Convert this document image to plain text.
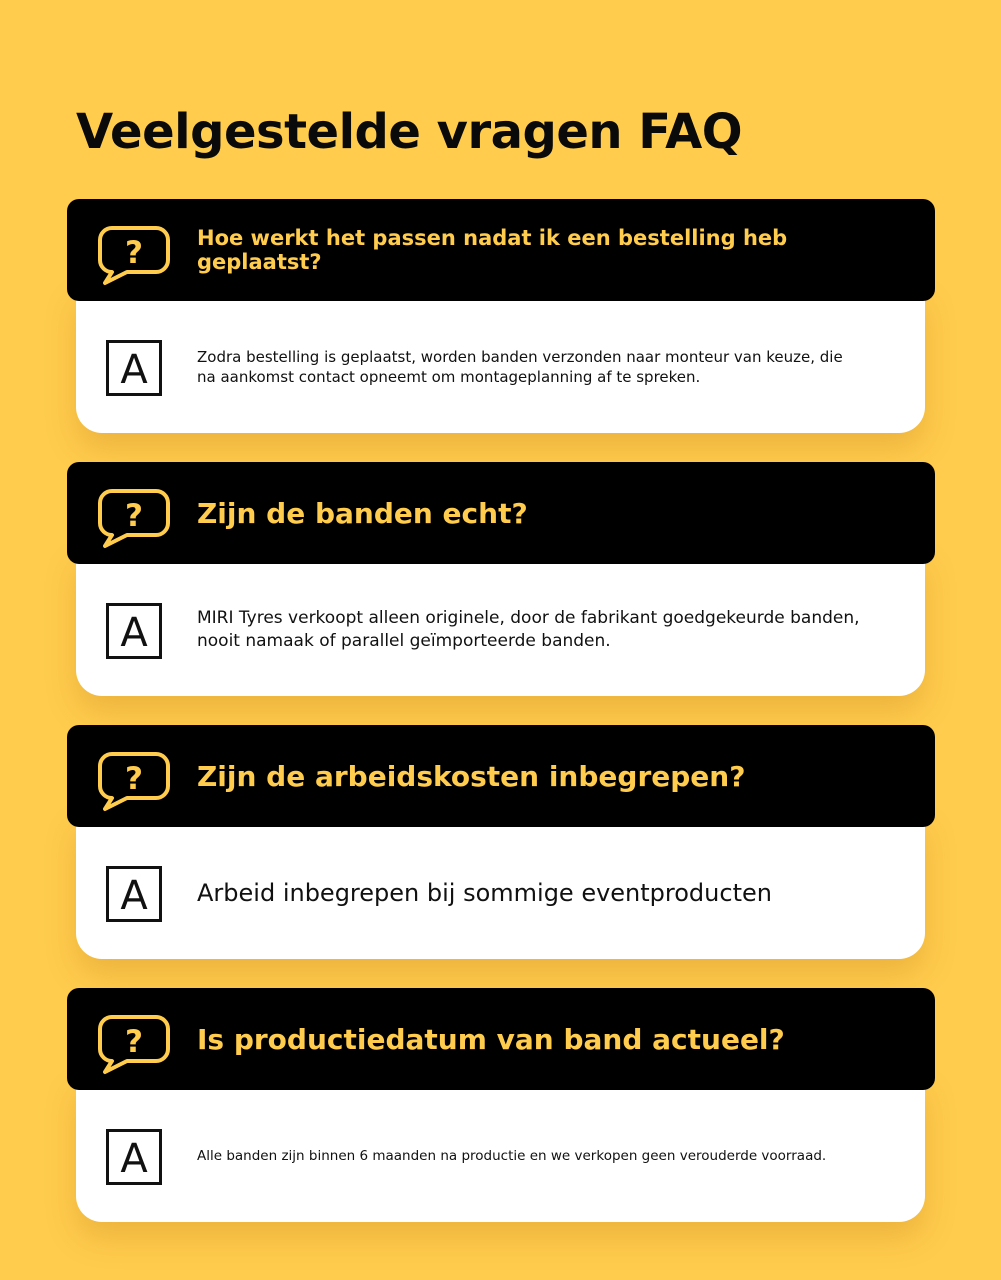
Veelgestelde vragen FAQ
?	Hoe werkt het passen nadat ik een bestelling heb geplaatst?
A	Zodra bestelling is geplaatst, worden banden verzonden naar monteur van keuze, die na aankomst contact opneemt om montageplanning af te spreken.
? Zijn de banden echt?
A	MIRI Tyres verkoopt alleen originele, door de fabrikant goedgekeurde banden, nooit namaak of parallel geïmporteerde banden.
? Zijn de arbeidskosten inbegrepen?
A Arbeid inbegrepen bij sommige eventproducten
? Is productiedatum van band actueel?
A	Alle banden zijn binnen 6 maanden na productie en we verkopen geen verouderde voorraad.
